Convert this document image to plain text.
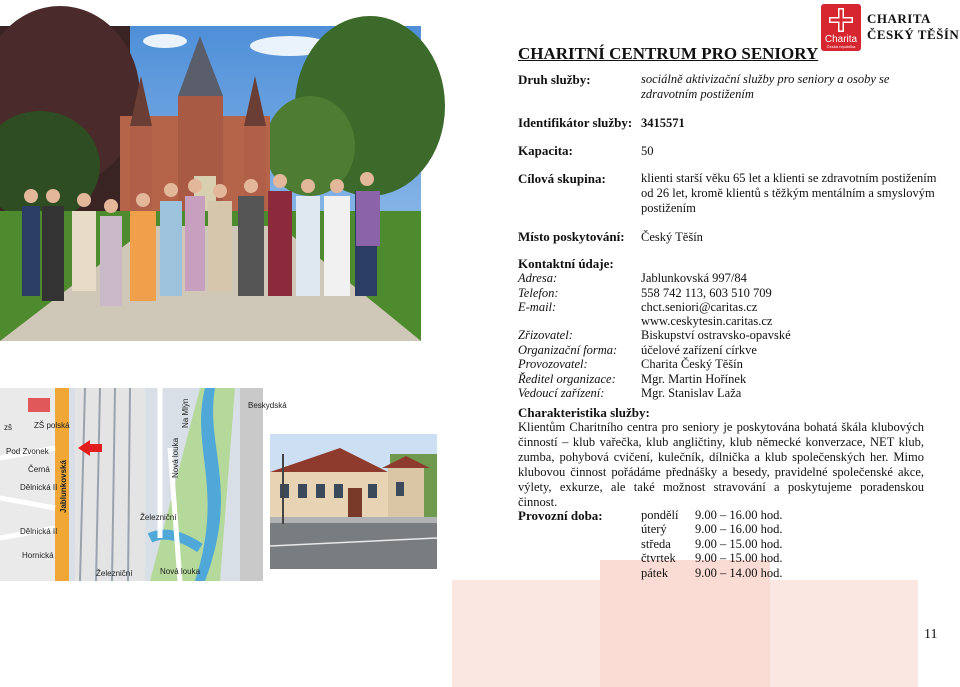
Charita
Česká republika
CHARITA
ČESKÝ TĚŠÍN
zš	ZŠ polská
Pod Zvonek
Černá
Dělnická II
Dělnická II
Hornická
Železniční
Železniční
Beskydská
Jablunkovská
Nová louka
Na Mlýn
Nová louka
CHARITNÍ CENTRUM PRO SENIORY
Druh služby:	sociálně aktivizační služby pro seniory a osoby se zdravotním postižením
Identifikátor služby: 3415571
Kapacita:	50
Cílová skupina:	klienti starší věku 65 let a klienti se zdravotním postižením od 26 let, kromě klientů s těžkým mentálním a smyslovým postižením
Místo poskytování: Český Těšín
Kontaktní údaje:
Adresa:	Jablunkovská 997/84
Telefon:	558 742 113, 603 510 709
E-mail:	chct.seniori@caritas.cz
www.ceskytesin.caritas.cz
Zřizovatel:	Biskupství ostravsko-opavské
Organizační forma: účelové zařízení církve
Provozovatel:	Charita Český Těšín
Ředitel organizace: Mgr. Martin Hořínek
Vedoucí zařízení:	Mgr. Stanislav Laža
Charakteristika služby:
Klientům Charitního centra pro seniory je poskytována bohatá škála klubových činností – klub vařečka, klub angličtiny, klub německé konverzace, NET klub, zumba, pohybová cvičení, kulečník, dílnička a klub společenských her. Mimo klubovou činnost pořádáme přednášky a besedy, pravidelné společenské akce, výlety, exkurze, ale také možnost stravování a poskytujeme poradenskou činnost.
Provozní doba:	pondělí 9.00 – 16.00 hod.
úterý 9.00 – 16.00 hod.
středa 9.00 – 15.00 hod.
čtvrtek 9.00 – 15.00 hod.
pátek 9.00 – 14.00 hod.
11
